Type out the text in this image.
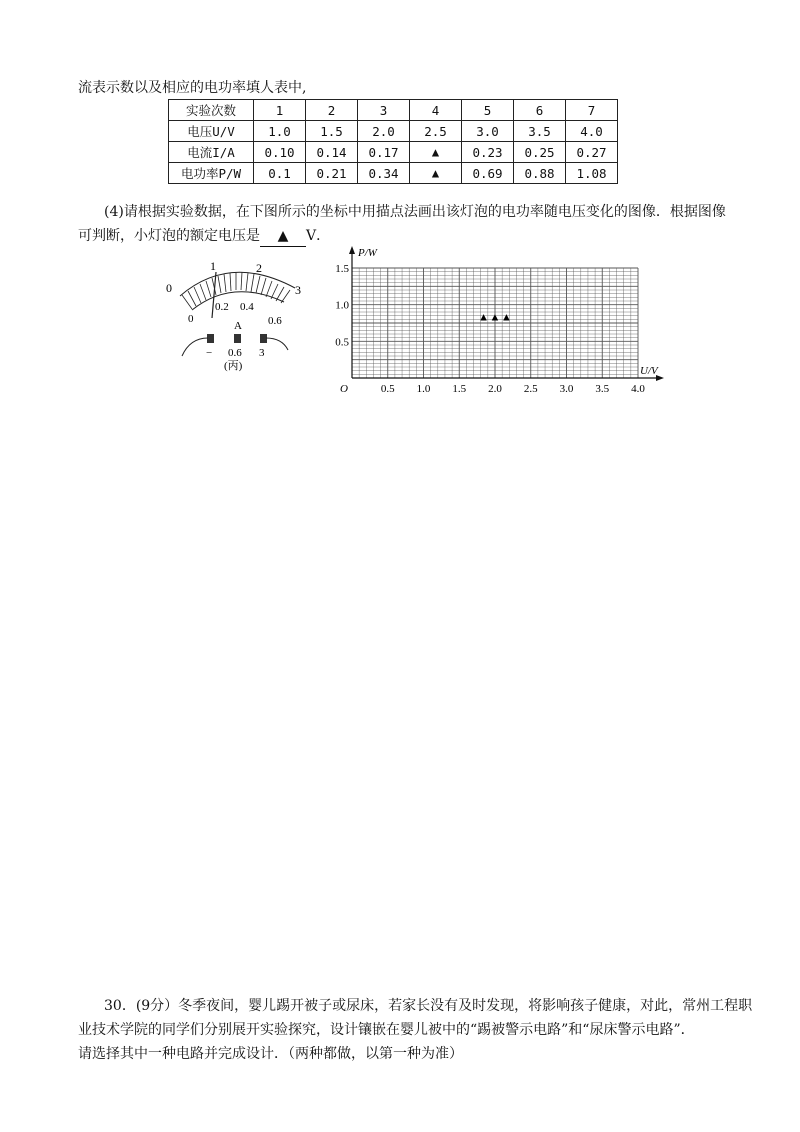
流表示数以及相应的电功率填人表中,
实验次数	1	2	3	4	5	6	7
电压U/V	1.0	1.5	2.0	2.5	3.0	3.5	4.0
电流I/A	0.10	0.14	0.17	▲	0.23	0.25	0.27
电功率P/W	0.1	0.21	0.34	▲	0.69	0.88	1.08
(4)请根据实验数据，在下图所示的坐标中用描点法画出该灯泡的电功率随电压变化的图像．根据图像
可判断，小灯泡的额定电压是 ▲ V．
0
1	2
3
0
0.2 0.4
0.6
A
− 0.6 3
(丙)
0.5 1.0 1.5 2.0 2.5 3.0 3.5 4.0
0.5
1.0
1.5
▲ ▲ ▲
P/W
U/V
O
30．(9分）冬季夜间，婴儿踢开被子或尿床，若家长没有及时发现，将影响孩子健康，对此，常州工程职
业技术学院的同学们分别展开实验探究，设计镶嵌在婴儿被中的“踢被警示电路”和“尿床警示电路”．
请选择其中一种电路并完成设计．（两种都做，以第一种为准）
